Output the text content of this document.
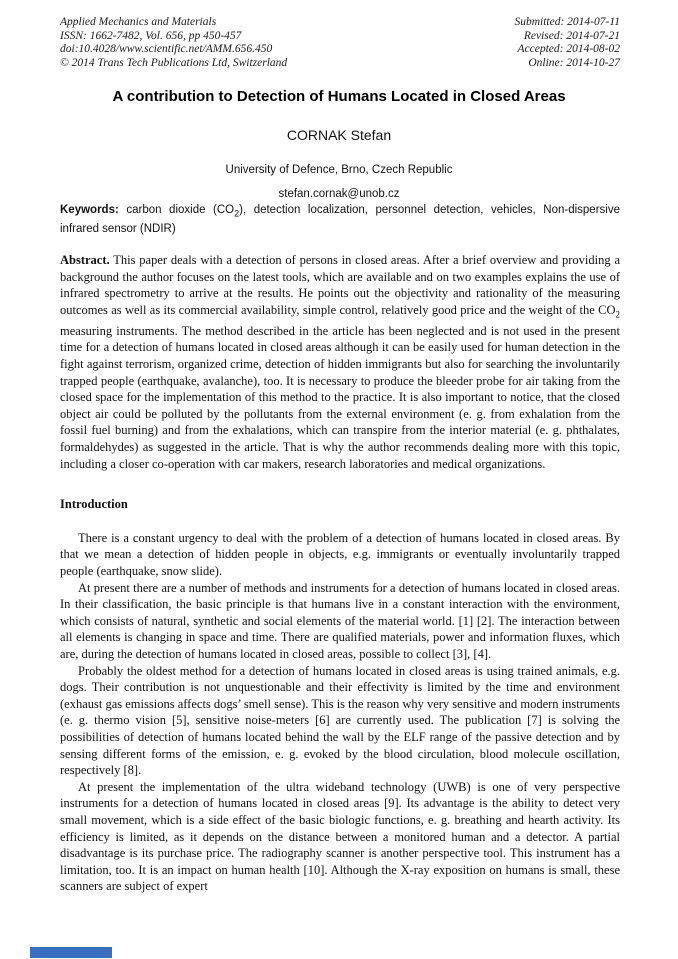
Applied Mechanics and Materials
ISSN: 1662-7482, Vol. 656, pp 450-457
doi:10.4028/www.scientific.net/AMM.656.450
© 2014 Trans Tech Publications Ltd, Switzerland
Submitted: 2014-07-11
Revised: 2014-07-21
Accepted: 2014-08-02
Online: 2014-10-27
A contribution to Detection of Humans Located in Closed Areas
CORNAK Stefan
University of Defence, Brno, Czech Republic
stefan.cornak@unob.cz
Keywords: carbon dioxide $(CO_2)$, detection localization, personnel detection, vehicles, Non-dispersive infrared sensor (NDIR)

Abstract. This paper deals with a detection of persons in closed areas. After a brief overview and providing a background the author focuses on the latest tools, which are available and on two examples explains the use of infrared spectrometry to arrive at the results. He points out the objectivity and rationality of the measuring outcomes as well as its commercial availability, simple control, relatively good price and the weight of the $CO_2$ measuring instruments. The method described in the article has been neglected and is not used in the present time for a detection of humans located in closed areas although it can be easily used for human detection in the fight against terrorism, organized crime, detection of hidden immigrants but also for searching the involuntarily trapped people (earthquake, avalanche), too. It is necessary to produce the bleeder probe for air taking from the closed space for the implementation of this method to the practice. It is also important to notice, that the closed object air could be polluted by the pollutants from the external environment (e. g. from exhalation from the fossil fuel burning) and from the exhalations, which can transpire from the interior material (e. g. phthalates, formaldehydes) as suggested in the article. That is why the author recommends dealing more with this topic, including a closer co-operation with car makers, research laboratories and medical organizations.

Introduction

There is a constant urgency to deal with the problem of a detection of humans located in closed areas. By that we mean a detection of hidden people in objects, e.g. immigrants or eventually involuntarily trapped people (earthquake, snow slide).

At present there are a number of methods and instruments for a detection of humans located in closed areas. In their classification, the basic principle is that humans live in a constant interaction with the environment, which consists of natural, synthetic and social elements of the material world. [1] [2]. The interaction between all elements is changing in space and time. There are qualified materials, power and information fluxes, which are, during the detection of humans located in closed areas, possible to collect [3], [4].

Probably the oldest method for a detection of humans located in closed areas is using trained animals, e.g. dogs. Their contribution is not unquestionable and their effectivity is limited by the time and environment (exhaust gas emissions affects dogs’ smell sense). This is the reason why very sensitive and modern instruments (e. g. thermo vision [5], sensitive noise-meters [6] are currently used. The publication [7] is solving the possibilities of detection of humans located behind the wall by the ELF range of the passive detection and by sensing different forms of the emission, e. g. evoked by the blood circulation, blood molecule oscillation, respectively [8].

At present the implementation of the ultra wideband technology (UWB) is one of very perspective instruments for a detection of humans located in closed areas [9]. Its advantage is the ability to detect very small movement, which is a side effect of the basic biologic functions, e. g. breathing and hearth activity. Its efficiency is limited, as it depends on the distance between a monitored human and a detector. A partial disadvantage is its purchase price. The radiography scanner is another perspective tool. This instrument has a limitation, too. It is an impact on human health [10]. Although the X-ray exposition on humans is small, these scanners are subject of expert
